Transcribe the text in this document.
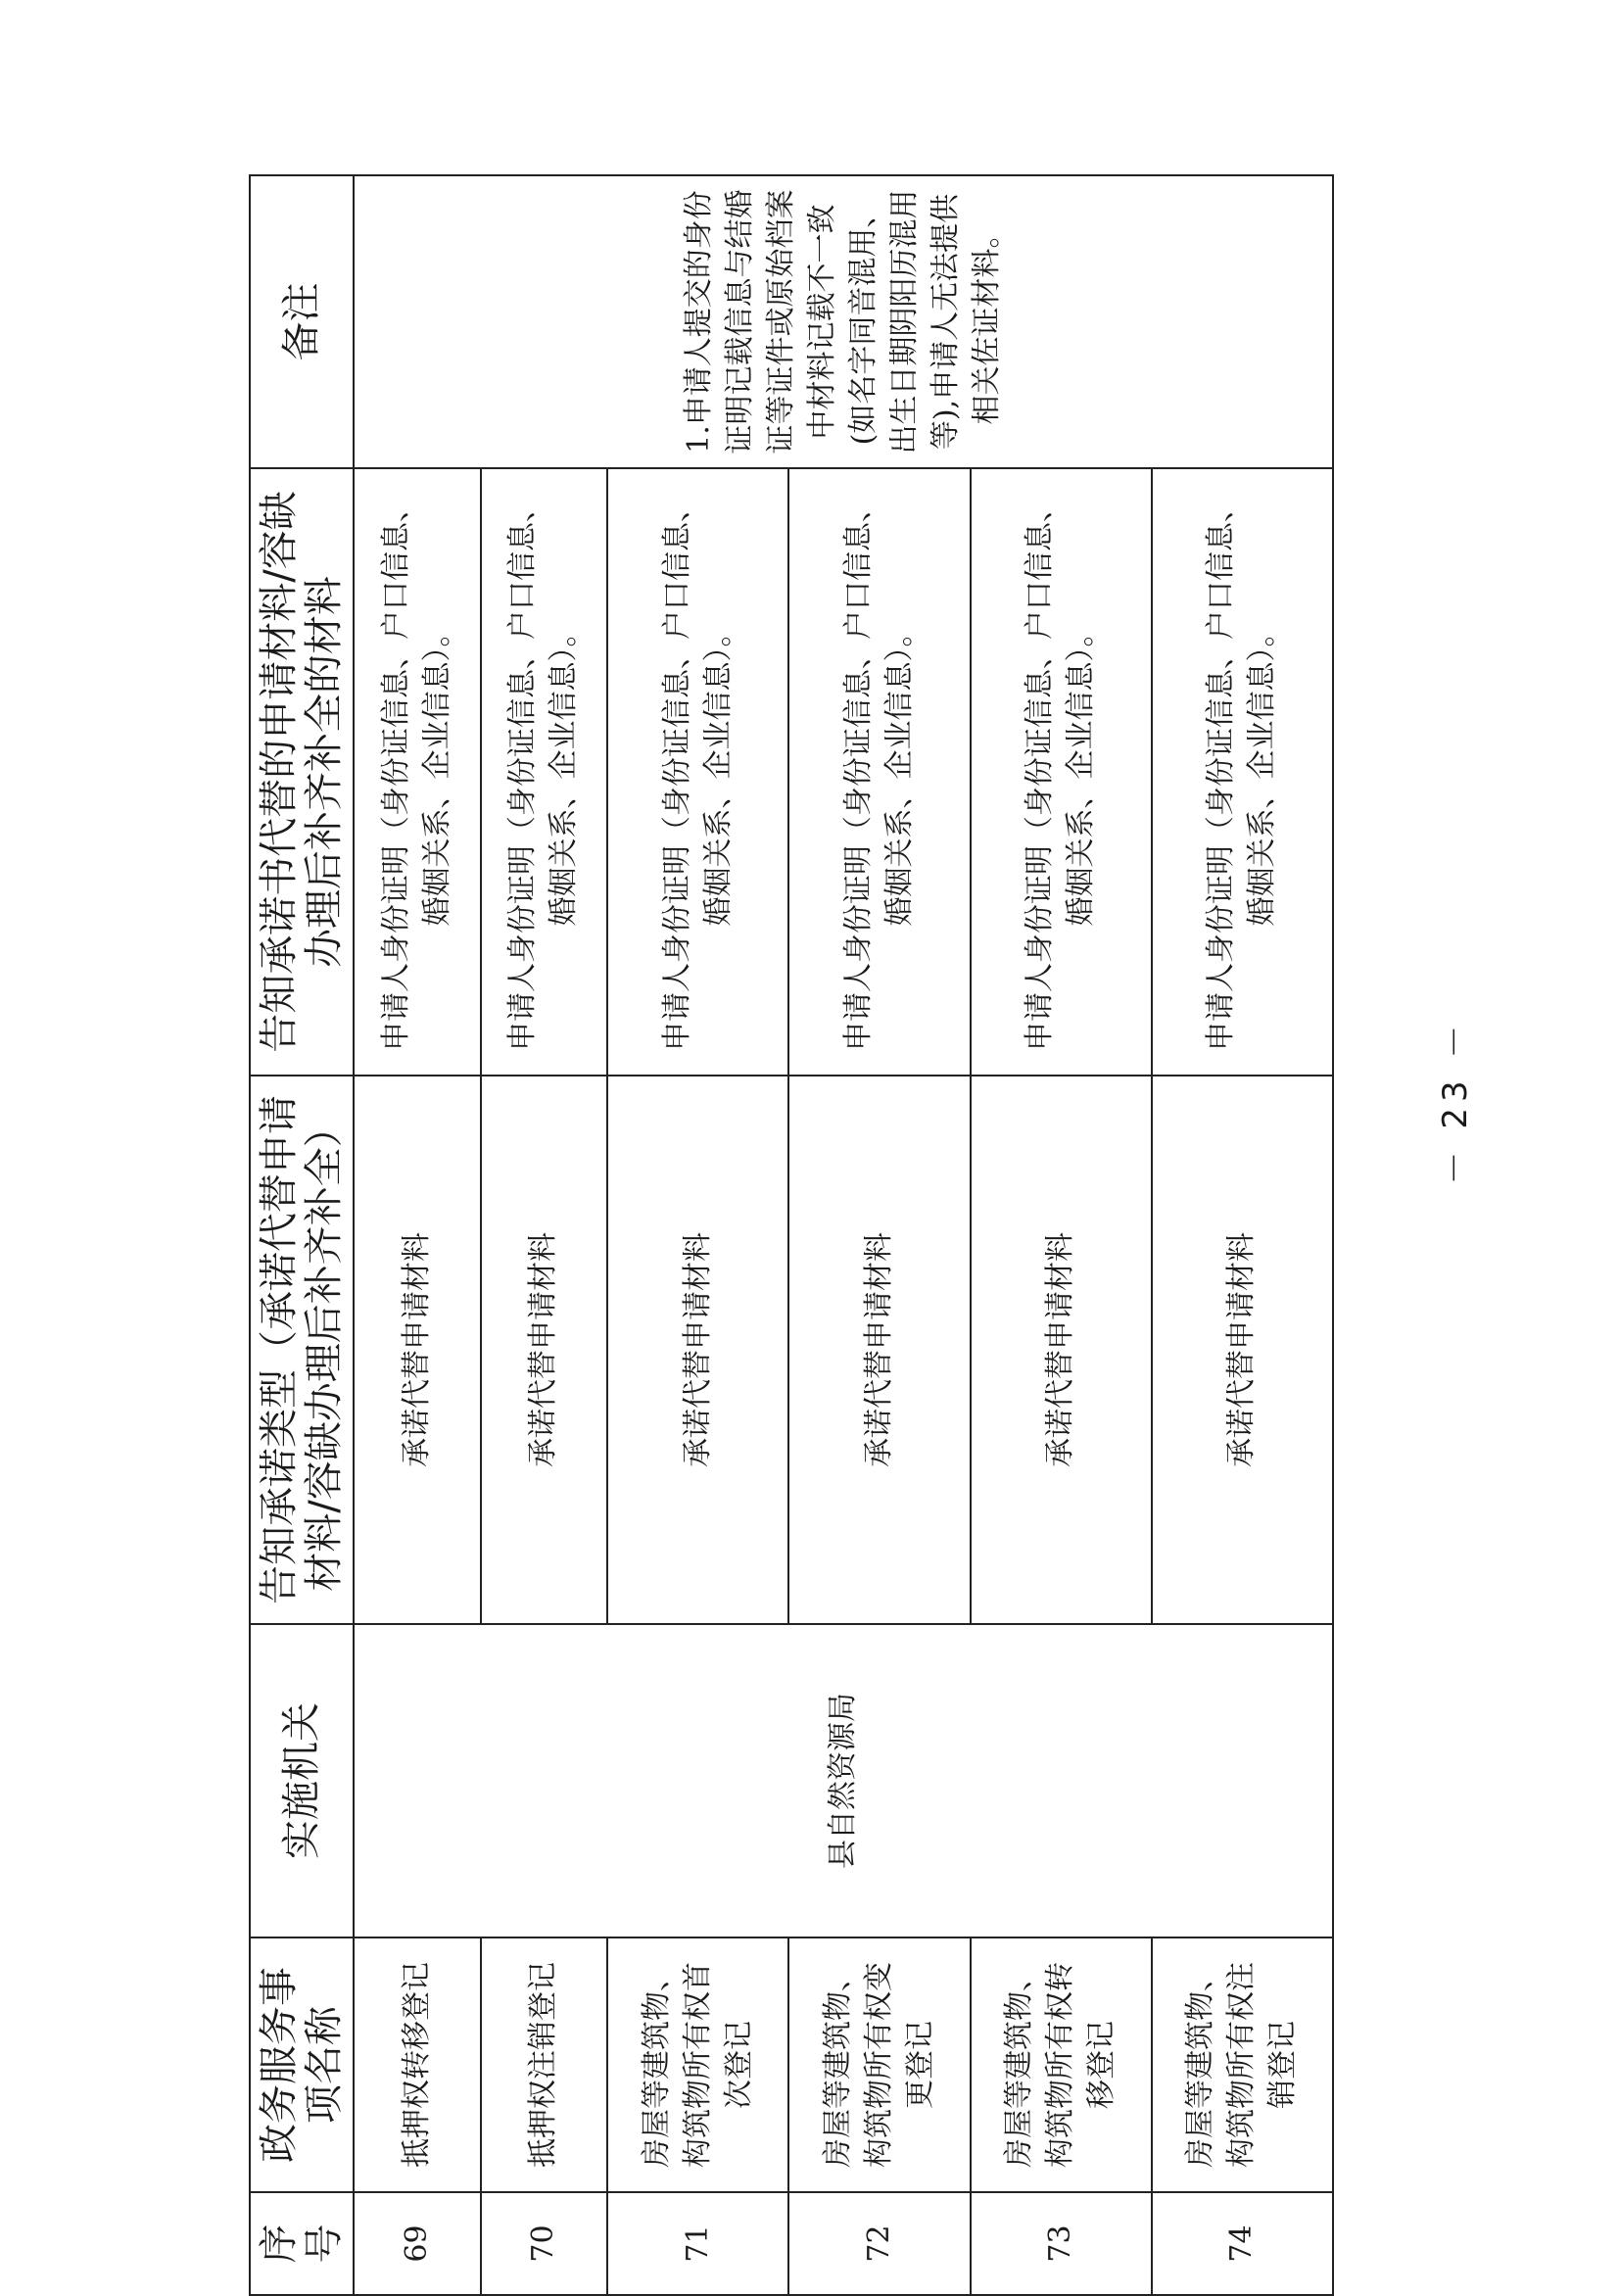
序号	政务服务事项名称	实施机关	告知承诺类型（承诺代替申请材料/容缺办理后补齐补全）	告知承诺书代替的申请材料/容缺办理后补齐补全的材料	备注
69	抵押权转移登记	县自然资源局	承诺代替申请材料	申请人身份证明（身份证信息、户口信息、婚姻关系、企业信息）。	1.申请人提交的身份证明记载信息与结婚证等证件或原始档案中材料记载不一致(如名字同音混用、出生日期阴阳历混用等),申请人无法提供相关佐证材料。
70	抵押权注销登记		承诺代替申请材料	申请人身份证明（身份证信息、户口信息、婚姻关系、企业信息）。	
71	房屋等建筑物、构筑物所有权首次登记		承诺代替申请材料	申请人身份证明（身份证信息、户口信息、婚姻关系、企业信息）。	
72	房屋等建筑物、构筑物所有权变更登记		承诺代替申请材料	申请人身份证明（身份证信息、户口信息、婚姻关系、企业信息）。	
73	房屋等建筑物、构筑物所有权转移登记		承诺代替申请材料	申请人身份证明（身份证信息、户口信息、婚姻关系、企业信息）。	
74	房屋等建筑物、构筑物所有权注销登记		承诺代替申请材料	申请人身份证明（身份证信息、户口信息、婚姻关系、企业信息）。	
－ 23 －
